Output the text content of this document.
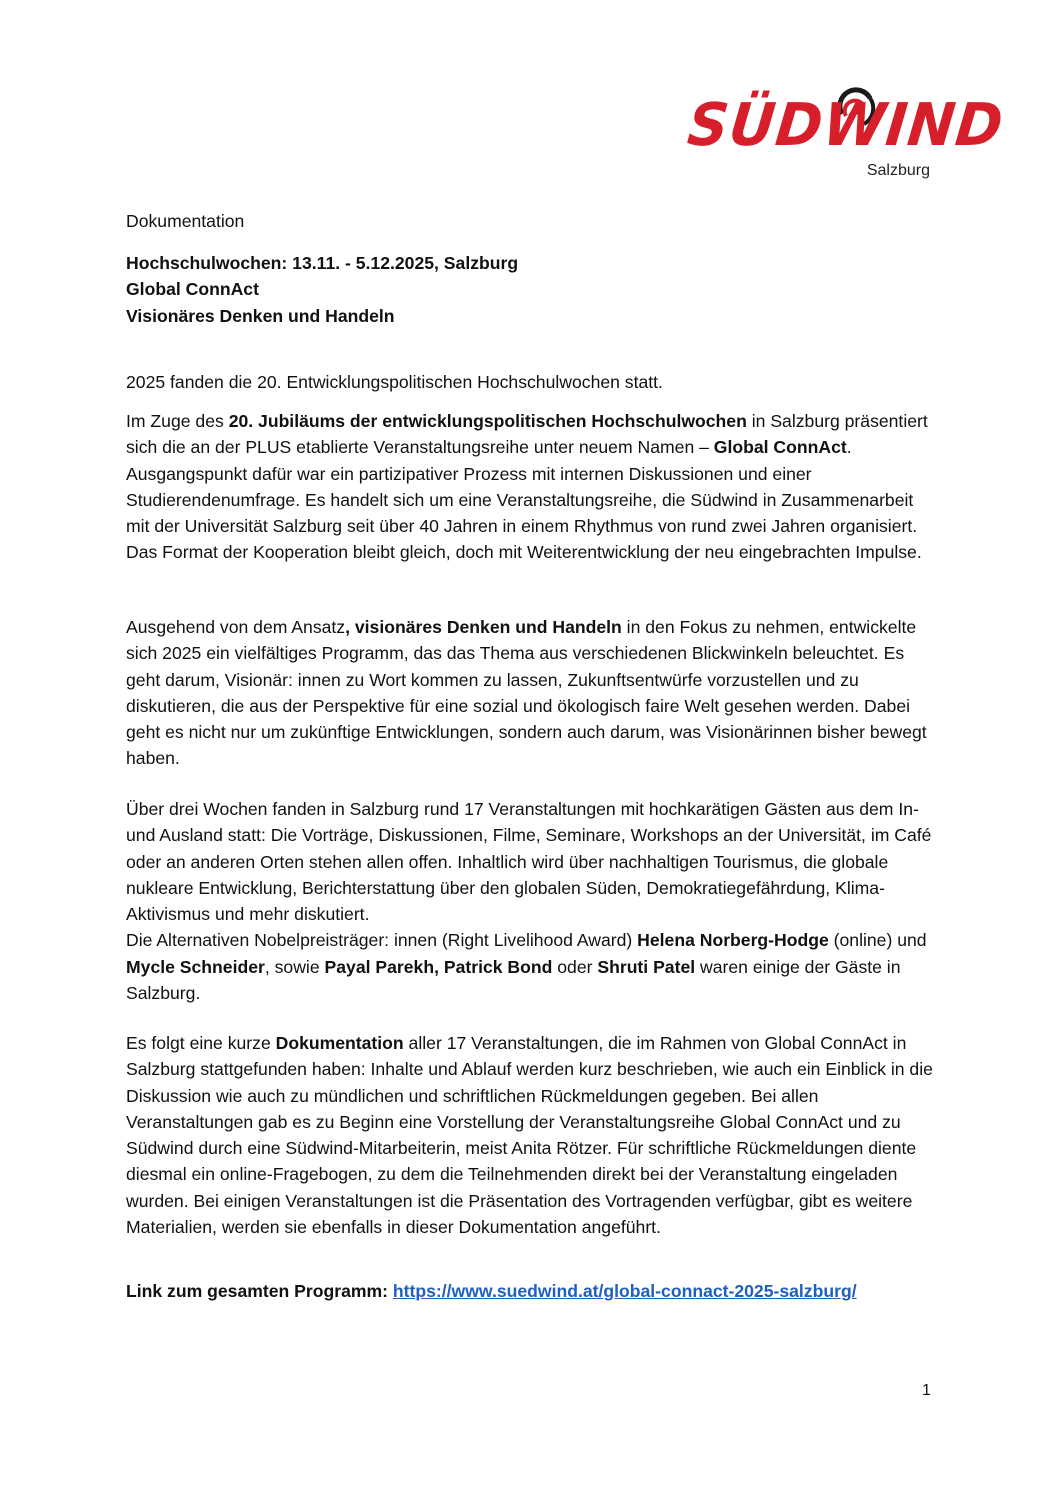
SÜDWIND
Salzburg

Dokumentation

Hochschulwochen: 13.11. - 5.12.2025, Salzburg
Global ConnAct
Visionäres Denken und Handeln

2025 fanden die 20. Entwicklungspolitischen Hochschulwochen statt.

Im Zuge des 20. Jubiläums der entwicklungspolitischen Hochschulwochen in Salzburg präsentiert sich die an der PLUS etablierte Veranstaltungsreihe unter neuem Namen – Global ConnAct. Ausgangspunkt dafür war ein partizipativer Prozess mit internen Diskussionen und einer Studierendenumfrage. Es handelt sich um eine Veranstaltungsreihe, die Südwind in Zusammenarbeit mit der Universität Salzburg seit über 40 Jahren in einem Rhythmus von rund zwei Jahren organisiert. Das Format der Kooperation bleibt gleich, doch mit Weiterentwicklung der neu eingebrachten Impulse.

Ausgehend von dem Ansatz, visionäres Denken und Handeln in den Fokus zu nehmen, entwickelte sich 2025 ein vielfältiges Programm, das das Thema aus verschiedenen Blickwinkeln beleuchtet. Es geht darum, Visionär: innen zu Wort kommen zu lassen, Zukunftsentwürfe vorzustellen und zu diskutieren, die aus der Perspektive für eine sozial und ökologisch faire Welt gesehen werden. Dabei geht es nicht nur um zukünftige Entwicklungen, sondern auch darum, was Visionärinnen bisher bewegt haben.

Über drei Wochen fanden in Salzburg rund 17 Veranstaltungen mit hochkarätigen Gästen aus dem In- und Ausland statt: Die Vorträge, Diskussionen, Filme, Seminare, Workshops an der Universität, im Café oder an anderen Orten stehen allen offen. Inhaltlich wird über nachhaltigen Tourismus, die globale nukleare Entwicklung, Berichterstattung über den globalen Süden, Demokratiegefährdung, Klima-Aktivismus und mehr diskutiert.
Die Alternativen Nobelpreisträger: innen (Right Livelihood Award) Helena Norberg-Hodge (online) und Mycle Schneider, sowie Payal Parekh, Patrick Bond oder Shruti Patel waren einige der Gäste in Salzburg.

Es folgt eine kurze Dokumentation aller 17 Veranstaltungen, die im Rahmen von Global ConnAct in Salzburg stattgefunden haben: Inhalte und Ablauf werden kurz beschrieben, wie auch ein Einblick in die Diskussion wie auch zu mündlichen und schriftlichen Rückmeldungen gegeben. Bei allen Veranstaltungen gab es zu Beginn eine Vorstellung der Veranstaltungsreihe Global ConnAct und zu Südwind durch eine Südwind-Mitarbeiterin, meist Anita Rötzer. Für schriftliche Rückmeldungen diente diesmal ein online-Fragebogen, zu dem die Teilnehmenden direkt bei der Veranstaltung eingeladen wurden. Bei einigen Veranstaltungen ist die Präsentation des Vortragenden verfügbar, gibt es weitere Materialien, werden sie ebenfalls in dieser Dokumentation angeführt.

Link zum gesamten Programm: https://www.suedwind.at/global-connact-2025-salzburg/

1
